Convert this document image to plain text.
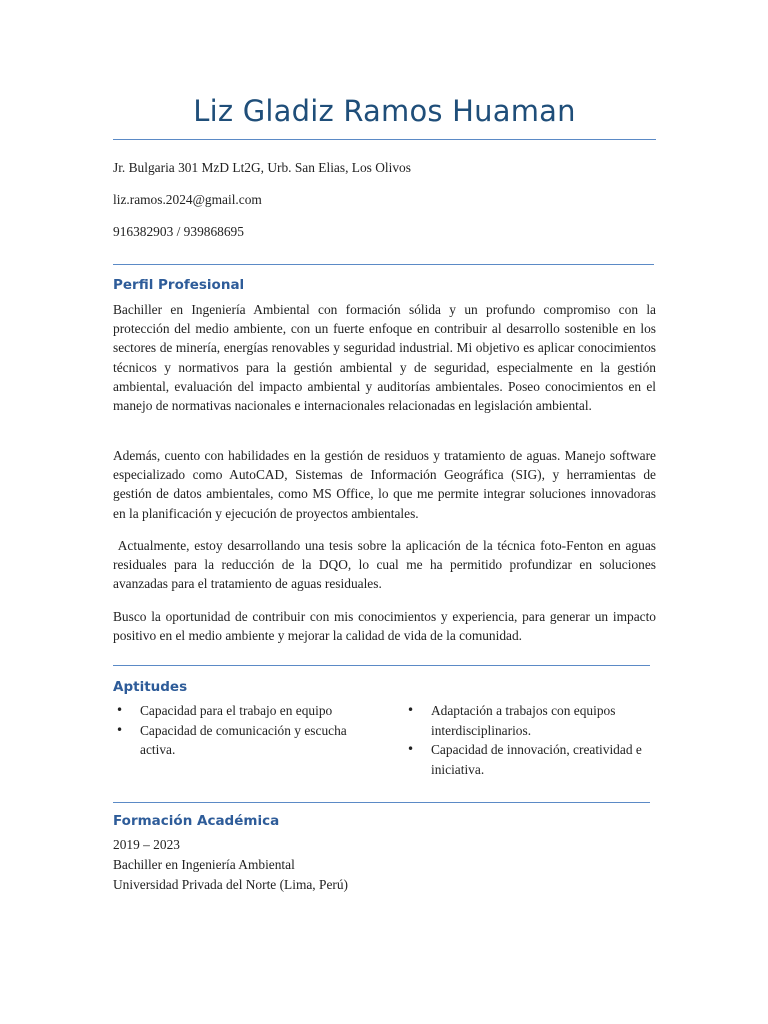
Liz Gladiz Ramos Huaman
Jr. Bulgaria 301 MzD Lt2G, Urb. San Elias, Los Olivos
liz.ramos.2024@gmail.com
916382903 / 939868695
Perfil Profesional
Bachiller en Ingeniería Ambiental con formación sólida y un profundo compromiso con la protección del medio ambiente, con un fuerte enfoque en contribuir al desarrollo sostenible en los sectores de minería, energías renovables y seguridad industrial. Mi objetivo es aplicar conocimientos técnicos y normativos para la gestión ambiental y de seguridad, especialmente en la gestión ambiental, evaluación del impacto ambiental y auditorías ambientales. Poseo conocimientos en el manejo de normativas nacionales e internacionales relacionadas en legislación ambiental.
Además, cuento con habilidades en la gestión de residuos y tratamiento de aguas. Manejo software especializado como AutoCAD, Sistemas de Información Geográfica (SIG), y herramientas de gestión de datos ambientales, como MS Office, lo que me permite integrar soluciones innovadoras en la planificación y ejecución de proyectos ambientales.
Actualmente, estoy desarrollando una tesis sobre la aplicación de la técnica foto-Fenton en aguas residuales para la reducción de la DQO, lo cual me ha permitido profundizar en soluciones avanzadas para el tratamiento de aguas residuales.
Busco la oportunidad de contribuir con mis conocimientos y experiencia, para generar un impacto positivo en el medio ambiente y mejorar la calidad de vida de la comunidad.
Aptitudes
• Capacidad para el trabajo en equipo
• Capacidad de comunicación y escucha activa.
• Adaptación a trabajos con equipos interdisciplinarios.
• Capacidad de innovación, creatividad e iniciativa.
Formación Académica
2019 – 2023
Bachiller en Ingeniería Ambiental
Universidad Privada del Norte (Lima, Perú)
